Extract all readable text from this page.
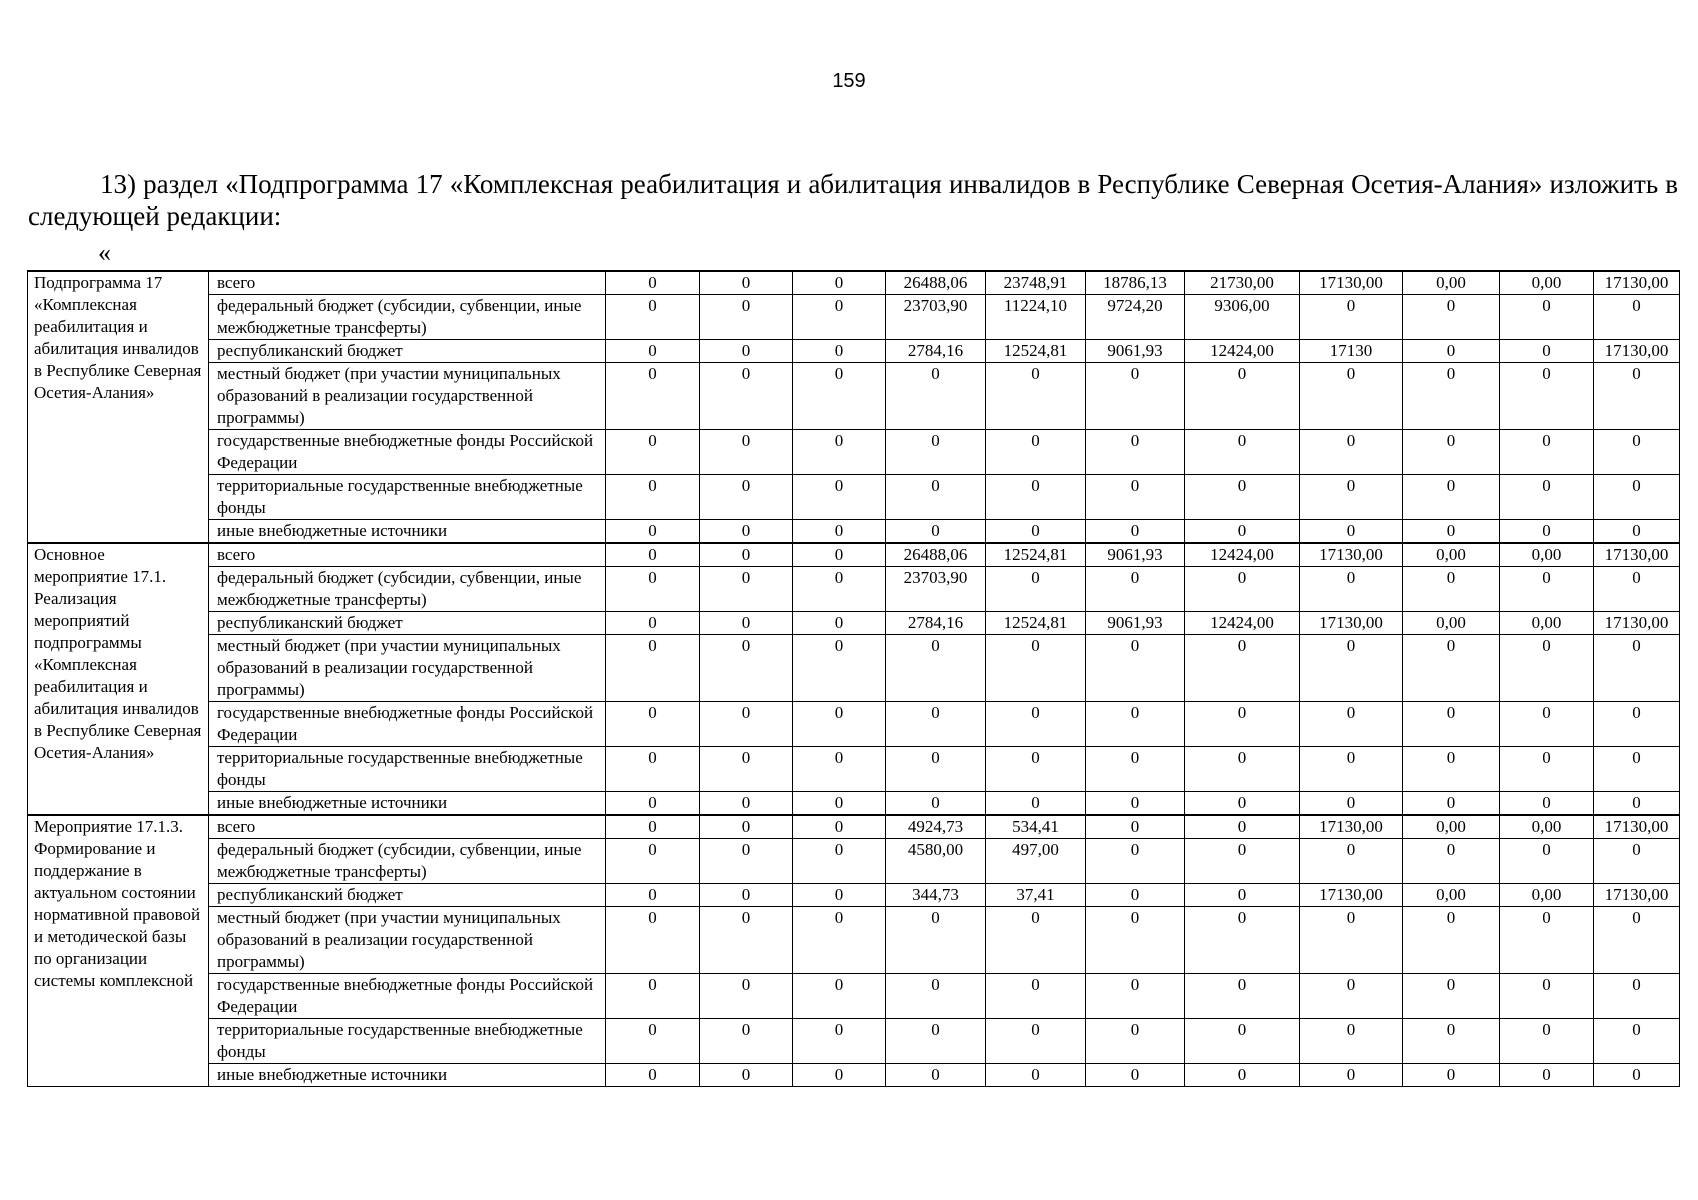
159
13) раздел «Подпрограмма 17 «Комплексная реабилитация и абилитация инвалидов в Республике Северная Осетия-Алания» изложить в следующей редакции:
«
Подпрограмма 17 «Комплексная реабилитация и абилитация инвалидов в Республике Северная Осетия-Алания»	всего	0	0	0	26488,06	23748,91	18786,13	21730,00	17130,00	0,00	0,00	17130,00
	федеральный бюджет (субсидии, субвенции, иные межбюджетные трансферты)	0	0	0	23703,90	11224,10	9724,20	9306,00	0	0	0	0
	республиканский бюджет	0	0	0	2784,16	12524,81	9061,93	12424,00	17130	0	0	17130,00
	местный бюджет (при участии муниципальных образований в реализации государственной программы)	0	0	0	0	0	0	0	0	0	0	0
	государственные внебюджетные фонды Российской Федерации	0	0	0	0	0	0	0	0	0	0	0
	территориальные государственные внебюджетные фонды	0	0	0	0	0	0	0	0	0	0	0
	иные внебюджетные источники	0	0	0	0	0	0	0	0	0	0	0
Основное мероприятие 17.1. Реализация мероприятий подпрограммы «Комплексная реабилитация и абилитация инвалидов в Республике Северная Осетия-Алания»	всего	0	0	0	26488,06	12524,81	9061,93	12424,00	17130,00	0,00	0,00	17130,00
	федеральный бюджет (субсидии, субвенции, иные межбюджетные трансферты)	0	0	0	23703,90	0	0	0	0	0	0	0
	республиканский бюджет	0	0	0	2784,16	12524,81	9061,93	12424,00	17130,00	0,00	0,00	17130,00
	местный бюджет (при участии муниципальных образований в реализации государственной программы)	0	0	0	0	0	0	0	0	0	0	0
	государственные внебюджетные фонды Российской Федерации	0	0	0	0	0	0	0	0	0	0	0
	территориальные государственные внебюджетные фонды	0	0	0	0	0	0	0	0	0	0	0
	иные внебюджетные источники	0	0	0	0	0	0	0	0	0	0	0
Мероприятие 17.1.3. Формирование и поддержание в актуальном состоянии нормативной правовой и методической базы по организации системы комплексной	всего	0	0	0	4924,73	534,41	0	0	17130,00	0,00	0,00	17130,00
	федеральный бюджет (субсидии, субвенции, иные межбюджетные трансферты)	0	0	0	4580,00	497,00	0	0	0	0	0	0
	республиканский бюджет	0	0	0	344,73	37,41	0	0	17130,00	0,00	0,00	17130,00
	местный бюджет (при участии муниципальных образований в реализации государственной программы)	0	0	0	0	0	0	0	0	0	0	0
	государственные внебюджетные фонды Российской Федерации	0	0	0	0	0	0	0	0	0	0	0
	территориальные государственные внебюджетные фонды	0	0	0	0	0	0	0	0	0	0	0
	иные внебюджетные источники	0	0	0	0	0	0	0	0	0	0	0
